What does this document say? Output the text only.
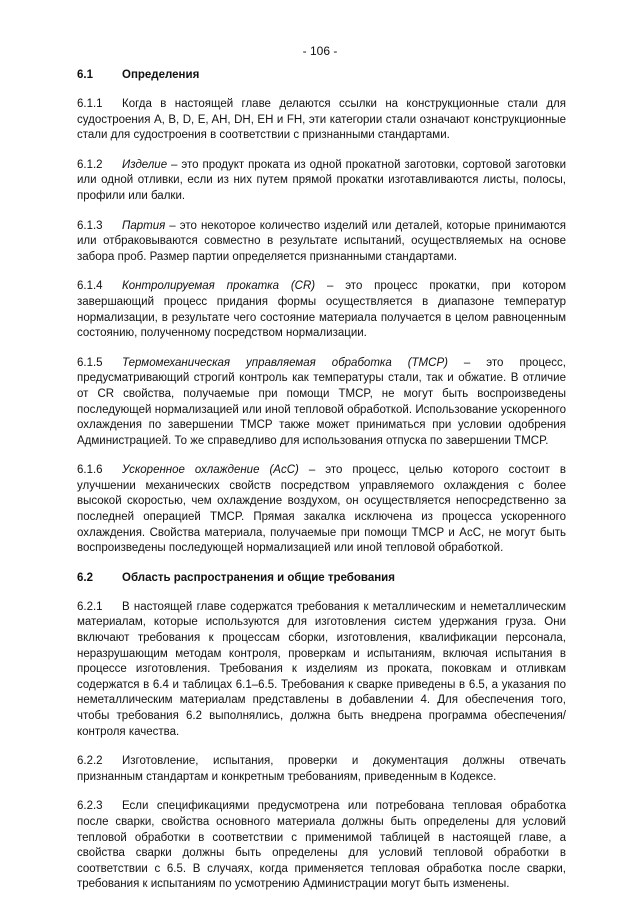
- 106 -
6.1	Определения

6.1.1 Когда в настоящей главе делаются ссылки на конструкционные стали для судостроения A, B, D, E, AH, DH, EH и FH, эти категории стали означают конструкционные стали для судостроения в соответствии с признанными стандартами.

6.1.2 Изделие – это продукт проката из одной прокатной заготовки, сортовой заготовки или одной отливки, если из них путем прямой прокатки изготавливаются листы, полосы, профили или балки.

6.1.3 Партия – это некоторое количество изделий или деталей, которые принимаются или отбраковываются совместно в результате испытаний, осуществляемых на основе забора проб. Размер партии определяется признанными стандартами.

6.1.4 Контролируемая прокатка (CR) – это процесс прокатки, при котором завершающий процесс придания формы осуществляется в диапазоне температур нормализации, в результате чего состояние материала получается в целом равноценным состоянию, полученному посредством нормализации.

6.1.5 Термомеханическая управляемая обработка (TMCP) – это процесс, предусматривающий строгий контроль как температуры стали, так и обжатие. В отличие от CR свойства, получаемые при помощи TMCP, не могут быть воспроизведены последующей нормализацией или иной тепловой обработкой. Использование ускоренного охлаждения по завершении TMCP также может приниматься при условии одобрения Администрацией. То же справедливо для использования отпуска по завершении TMCP.

6.1.6 Ускоренное охлаждение (AcC) – это процесс, целью которого состоит в улучшении механических свойств посредством управляемого охлаждения с более высокой скоростью, чем охлаждение воздухом, он осуществляется непосредственно за последней операцией TMCP. Прямая закалка исключена из процесса ускоренного охлаждения. Свойства материала, получаемые при помощи TMCP и AcC, не могут быть воспроизведены последующей нормализацией или иной тепловой обработкой.

6.2	Область распространения и общие требования

6.2.1 В настоящей главе содержатся требования к металлическим и неметаллическим материалам, которые используются для изготовления систем удержания груза. Они включают требования к процессам сборки, изготовления, квалификации персонала, неразрушающим методам контроля, проверкам и испытаниям, включая испытания в процессе изготовления. Требования к изделиям из проката, поковкам и отливкам содержатся в 6.4 и таблицах 6.1–6.5. Требования к сварке приведены в 6.5, а указания по неметаллическим материалам представлены в добавлении 4. Для обеспечения того, чтобы требования 6.2 выполнялись, должна быть внедрена программа обеспечения/контроля качества.

6.2.2 Изготовление, испытания, проверки и документация должны отвечать признанным стандартам и конкретным требованиям, приведенным в Кодексе.

6.2.3 Если спецификациями предусмотрена или потребована тепловая обработка после сварки, свойства основного материала должны быть определены для условий тепловой обработки в соответствии с применимой таблицей в настоящей главе, а свойства сварки должны быть определены для условий тепловой обработки в соответствии с 6.5. В случаях, когда применяется тепловая обработка после сварки, требования к испытаниям по усмотрению Администрации могут быть изменены.
